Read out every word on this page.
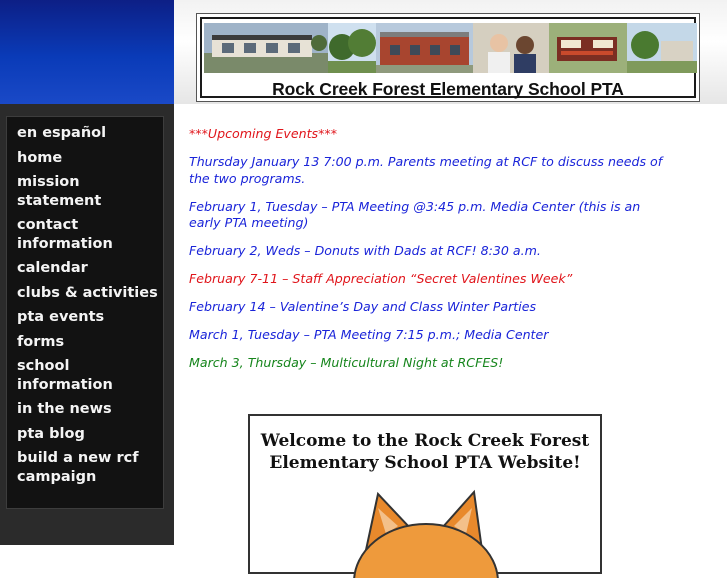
en español
home
mission statement
contact information
calendar
clubs & activities
pta events
forms
school information
in the news
pta blog
build a new rcf campaign
Rock Creek Forest Elementary School PTA

***Upcoming Events***

Thursday January 13 7:00 p.m. Parents meeting at RCF to discuss needs of the two programs.

February 1, Tuesday – PTA Meeting @3:45 p.m. Media Center (this is an early PTA meeting)

February 2, Weds – Donuts with Dads at RCF! 8:30 a.m.

February 7-11 – Staff Appreciation “Secret Valentines Week”

February 14 – Valentine’s Day and Class Winter Parties

March 1, Tuesday – PTA Meeting 7:15 p.m.; Media Center

March 3, Thursday – Multicultural Night at RCFES!

Welcome to the Rock Creek Forest
Elementary School PTA Website!
